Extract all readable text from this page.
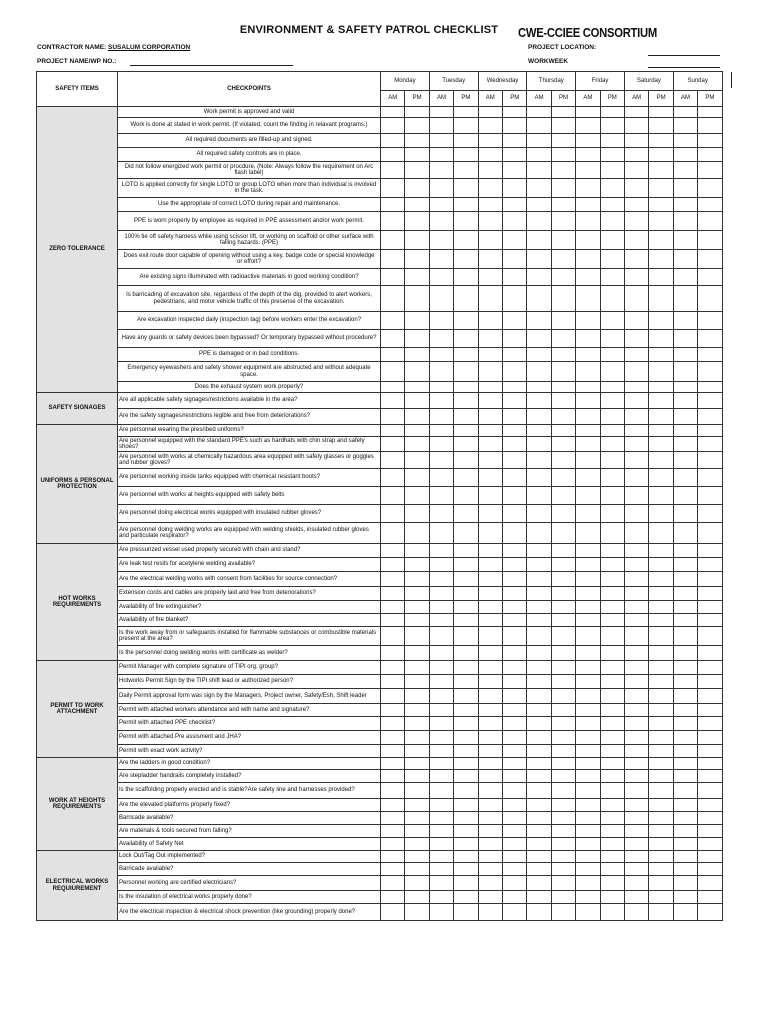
ENVIRONMENT & SAFETY PATROL CHECKLIST	CWE-CCIEE CONSORTIUM
CONTRACTOR NAME: SUSALUM CORPORATION
PROJECT NAME/WP NO.:
PROJECT LOCATION:
WORKWEEK
SAFETY ITEMS	CHECKPOINTS	Monday		Tuesday		Wednesday		Thursday		Friday		Saturday		Sunday	
		AM	PM	AM	PM	AM	PM	AM	PM	AM	PM	AM	PM	AM	PM
ZERO TOLERANCE	Work permit is approved and valid														
	Work is done at stated in work permit. (If violated, count the finding in relavant programs.)														
	All required documents are filled-up and signed.														
	All required safety controls are in place.														
	Did not follow energized work permit or procdure. (Note: Always follow the requirement on Arc flash label)														
	LOTO is applied correctly for single LOTO or group LOTO when more than individual is involved in the task.														
	Use the appropriate of correct LOTO during repair and maintenance.														
	PPE is worn properly by employee as required in PPE assessment and/or work permit.														
	100% tie off safety harness while using scissor lift, or working on scaffold or other surface with falling hazards. (PPE)														
	Does exit route door capable of opening without using a key, badge code or special knowledge or effort?														
	Are existing signs illuminated with radioactive materials in good working condition?														
	Is barricading of excavation site, regardless of the depth of the dig, provided to alert workers, pedestrians, and motor vehicle traffic of this presense of the excavation.														
	Are excavation inspected daily (inspection tag) before workers enter the excavation?														
	Have any guards or safety devices been bypassed? Or temporary bypassed without procedure?														
	PPE is damaged or in bad conditions.														
	Emergency eyewashers and safety shower equipment are abstructed and without adequate space.														
	Does the exhaust system work properly?														
SAFETY SIGNAGES	Are all applicable safety signages/restrictions available in the area?														
	Are the safety signages/restrictions legible and free from deteriorations?														
UNIFORMS & PERSONAL PROTECTION	Are personnel wearing the presribed uniforms?														
	Are personnel equipped with the standard PPE's such as hardhats with chin strap and safety shoes?														
	Are personnel with works at chemically hazardous area equipped with safety glasses or goggles and rubber gloves?														
	Are personnel working inside tanks equipped with chemical resistant boots?														
	Are personnel with works at heights equipped with safety belts														
	Are personnel doing electrical works equipped with insulated rubber gloves?														
	Are personnel doing welding works are equipped with welding shields, insulated rubber gloves and particulate respirator?														
HOT WORKS REQUIREMENTS	Are pressurized vessel used properly secured with chain and stand?														
	Are leak test resits for acetylene welding available?														
	Are the electrical welding works with consent from facilities for source connection?														
	Extension cords and cables are properly laid and free from deteriorations?														
	Availability of fire extinguisher?														
	Availability of fire blanket?														
	Is the work away from or safeguards installed for flammable substances or combustible materials present at the area?														
	Is the personnel doing welding works with certificate as welder?														
PERMIT TO WORK ATTACHMENT	Permit Manager with complete signature of TIPI org. group?														
	Hotworks Permit Sign by the TIPI shift lead or authorized person?														
	Daily Permit approval form was sign by the Managers, Project owner, Safety/Esh, Shift leader														
	Permit with attached workers attendance and with name and signature?														
	Permit with attached PPE checklist?														
	Permit with attached Pre assisment and JHA?														
	Permit with exact work activity?														
WORK AT HEIGHTS REQUIREMENTS	Are the ladders in good condition?														
	Are stepladder handrails completely installed?														
	Is the scaffolding properly erected and is stable?Are safety line and harnesses provided?														
	Are the elevated platforms properly fixed?														
	Barricade available?														
	Are materials & tools secured from falling?														
	Availability of Safety Net														
ELECTRICAL WORKS REQUIUREMENT	Lock Out/Tag Out implemented?														
	Barricade available?														
	Personnel working are certified electricians?														
	Is the insulation of electrical works properly done?														
	Are the electrical inspection & electrical shock prevention (like grounding) properly done?														
